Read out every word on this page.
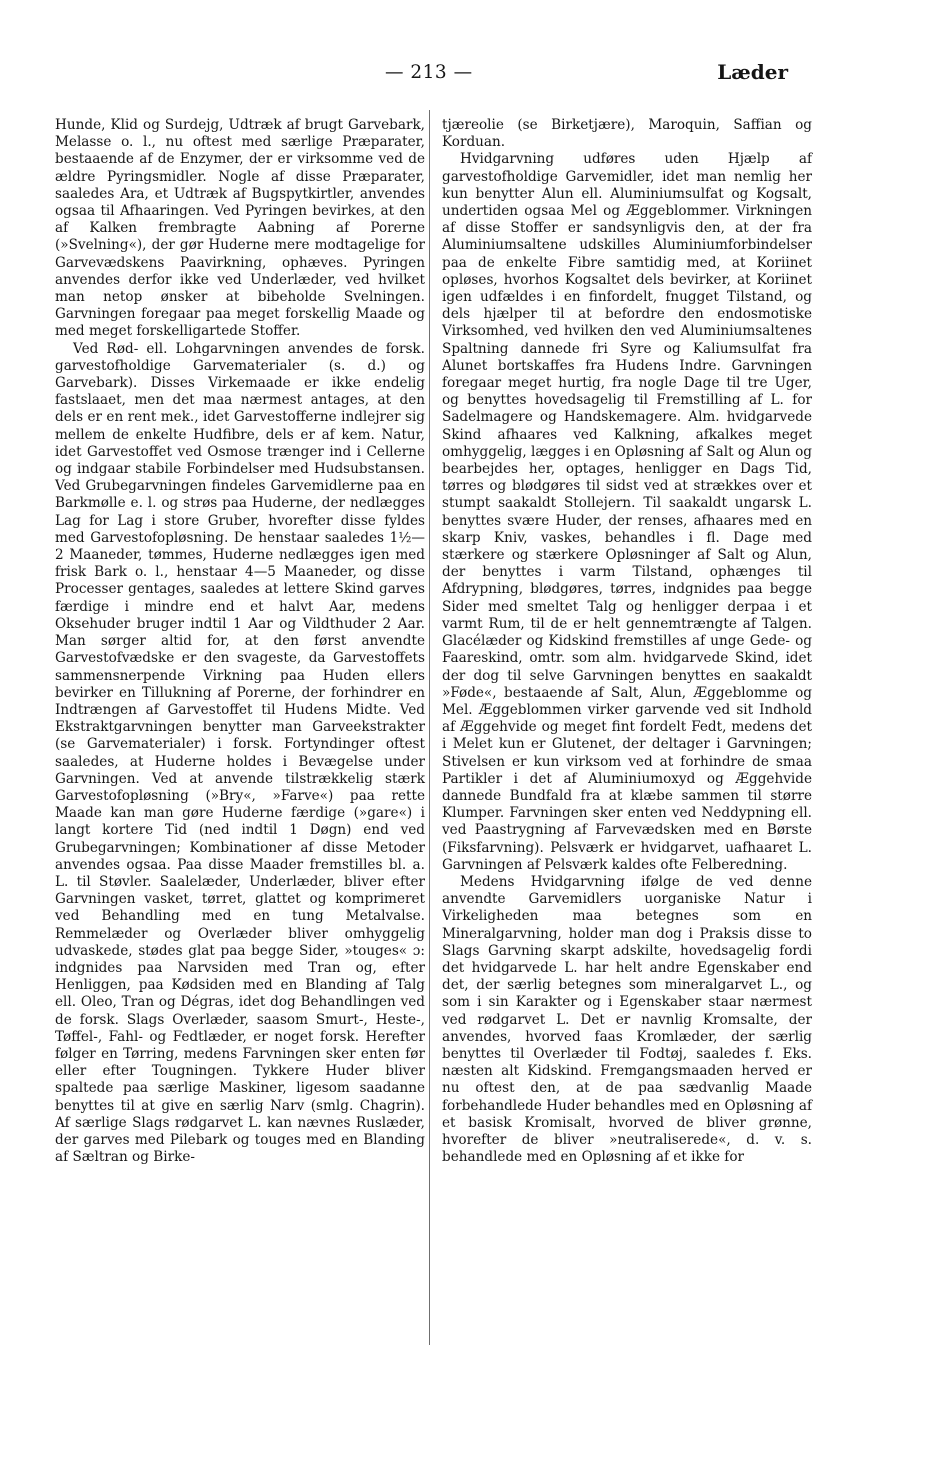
— 213 —	Læder

Hunde, Klid og Surdejg, Udtræk af brugt Garvebark, Melasse o. l., nu oftest med særlige Præparater, bestaaende af de Enzymer, der er virksomme ved de ældre Pyringsmidler. Nogle af disse Præparater, saaledes Ara, et Udtræk af Bugspytkirtler, anvendes ogsaa til Afhaaringen. Ved Pyringen bevirkes, at den af Kalken frembragte Aabning af Porerne (»Svelning«), der gør Huderne mere modtagelige for Garvevædskens Paavirkning, ophæves. Pyringen anvendes derfor ikke ved Underlæder, ved hvilket man netop ønsker at bibeholde Svelningen. Garvningen foregaar paa meget forskellig Maade og med meget forskelligartede Stoffer.

Ved Rød- ell. Lohgarvningen anvendes de forsk. garvestofholdige Garvematerialer (s. d.) og Garvebark). Disses Virkemaade er ikke endelig fastslaaet, men det maa nærmest antages, at den dels er en rent mek., idet Garvestofferne indlejrer sig mellem de enkelte Hudfibre, dels er af kem. Natur, idet Garvestoffet ved Osmose trænger ind i Cellerne og indgaar stabile Forbindelser med Hudsubstansen. Ved Grubegarvningen findeles Garvemidlerne paa en Barkmølle e. l. og strøs paa Huderne, der nedlægges Lag for Lag i store Gruber, hvorefter disse fyldes med Garvestofopløsning. De henstaar saaledes 1½—2 Maaneder, tømmes, Huderne nedlægges igen med frisk Bark o. l., henstaar 4—5 Maaneder, og disse Processer gentages, saaledes at lettere Skind garves færdige i mindre end et halvt Aar, medens Oksehuder bruger indtil 1 Aar og Vildthuder 2 Aar. Man sørger altid for, at den først anvendte Garvestofvædske er den svageste, da Garvestoffets sammensnerpende Virkning paa Huden ellers bevirker en Tillukning af Porerne, der forhindrer en Indtrængen af Garvestoffet til Hudens Midte. Ved Ekstraktgarvningen benytter man Garveekstrakter (se Garvematerialer) i forsk. Fortyndinger oftest saaledes, at Huderne holdes i Bevægelse under Garvningen. Ved at anvende tilstrækkelig stærk Garvestofopløsning (»Bry«, »Farve«) paa rette Maade kan man gøre Huderne færdige (»gare«) i langt kortere Tid (ned indtil 1 Døgn) end ved Grubegarvningen; Kombinationer af disse Metoder anvendes ogsaa. Paa disse Maader fremstilles bl. a. L. til Støvler. Saalelæder, Underlæder, bliver efter Garvningen vasket, tørret, glattet og komprimeret ved Behandling med en tung Metalvalse. Remmelæder og Overlæder bliver omhyggelig udvaskede, stødes glat paa begge Sider, »touges« ɔ: indgnides paa Narvsiden med Tran og, efter Henliggen, paa Kødsiden med en Blanding af Talg ell. Oleo, Tran og Dégras, idet dog Behandlingen ved de forsk. Slags Overlæder, saasom Smurt-, Heste-, Tøffel-, Fahl- og Fedtlæder, er noget forsk. Herefter følger en Tørring, medens Farvningen sker enten før eller efter Tougningen. Tykkere Huder bliver spaltede paa særlige Maskiner, ligesom saadanne benyttes til at give en særlig Narv (smlg. Chagrin). Af særlige Slags rødgarvet L. kan nævnes Ruslæder, der garves med Pilebark og touges med en Blanding af Sæltran og Birke-

tjæreolie (se Birketjære), Maroquin, Saffian og Korduan.

Hvidgarvning udføres uden Hjælp af garvestofholdige Garvemidler, idet man nemlig her kun benytter Alun ell. Aluminiumsulfat og Kogsalt, undertiden ogsaa Mel og Æggeblommer. Virkningen af disse Stoffer er sandsynligvis den, at der fra Aluminiumsaltene udskilles Aluminiumforbindelser paa de enkelte Fibre samtidig med, at Koriinet opløses, hvorhos Kogsaltet dels bevirker, at Koriinet igen udfældes i en finfordelt, fnugget Tilstand, og dels hjælper til at befordre den endosmotiske Virksomhed, ved hvilken den ved Aluminiumsaltenes Spaltning dannede fri Syre og Kaliumsulfat fra Alunet bortskaffes fra Hudens Indre. Garvningen foregaar meget hurtig, fra nogle Dage til tre Uger, og benyttes hovedsagelig til Fremstilling af L. for Sadelmagere og Handskemagere. Alm. hvidgarvede Skind afhaares ved Kalkning, afkalkes meget omhyggelig, lægges i en Opløsning af Salt og Alun og bearbejdes her, optages, henligger en Dags Tid, tørres og blødgøres til sidst ved at strækkes over et stumpt saakaldt Stollejern. Til saakaldt ungarsk L. benyttes svære Huder, der renses, afhaares med en skarp Kniv, vaskes, behandles i fl. Dage med stærkere og stærkere Opløsninger af Salt og Alun, der benyttes i varm Tilstand, ophænges til Afdrypning, blødgøres, tørres, indgnides paa begge Sider med smeltet Talg og henligger derpaa i et varmt Rum, til de er helt gennemtrængte af Talgen. Glacélæder og Kidskind fremstilles af unge Gede- og Faareskind, omtr. som alm. hvidgarvede Skind, idet der dog til selve Garvningen benyttes en saakaldt »Føde«, bestaaende af Salt, Alun, Æggeblomme og Mel. Æggeblommen virker garvende ved sit Indhold af Æggehvide og meget fint fordelt Fedt, medens det i Melet kun er Glutenet, der deltager i Garvningen; Stivelsen er kun virksom ved at forhindre de smaa Partikler i det af Aluminiumoxyd og Æggehvide dannede Bundfald fra at klæbe sammen til større Klumper. Farvningen sker enten ved Neddypning ell. ved Paastrygning af Farvevædsken med en Børste (Fiksfarvning). Pelsværk er hvidgarvet, uafhaaret L. Garvningen af Pelsværk kaldes ofte Felberedning.

Medens Hvidgarvning ifølge de ved denne anvendte Garvemidlers uorganiske Natur i Virkeligheden maa betegnes som en Mineralgarvning, holder man dog i Praksis disse to Slags Garvning skarpt adskilte, hovedsagelig fordi det hvidgarvede L. har helt andre Egenskaber end det, der særlig betegnes som mineralgarvet L., og som i sin Karakter og i Egenskaber staar nærmest ved rødgarvet L. Det er navnlig Kromsalte, der anvendes, hvorved faas Kromlæder, der særlig benyttes til Overlæder til Fodtøj, saaledes f. Eks. næsten alt Kidskind. Fremgangsmaaden herved er nu oftest den, at de paa sædvanlig Maade forbehandlede Huder behandles med en Opløsning af et basisk Kromisalt, hvorved de bliver grønne, hvorefter de bliver »neutraliserede«, d. v. s. behandlede med en Opløsning af et ikke for
